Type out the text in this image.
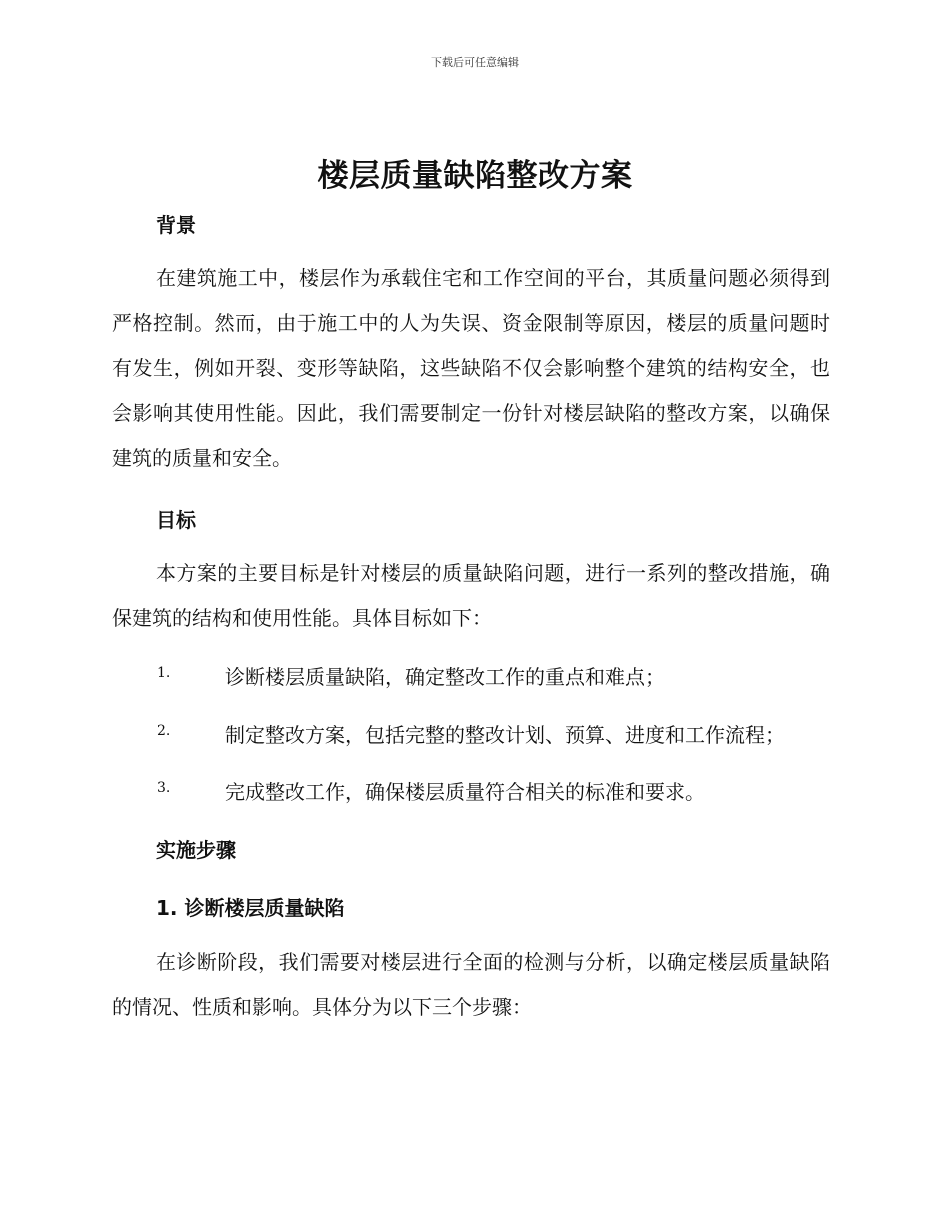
下载后可任意编辑
楼层质量缺陷整改方案
背景

在建筑施工中，楼层作为承载住宅和工作空间的平台，其质量问题必须得到严格控制。然而，由于施工中的人为失误、资金限制等原因，楼层的质量问题时有发生，例如开裂、变形等缺陷，这些缺陷不仅会影响整个建筑的结构安全，也会影响其使用性能。因此，我们需要制定一份针对楼层缺陷的整改方案，以确保建筑的质量和安全。

目标

本方案的主要目标是针对楼层的质量缺陷问题，进行一系列的整改措施，确保建筑的结构和使用性能。具体目标如下：

1.	诊断楼层质量缺陷，确定整改工作的重点和难点；
2.	制定整改方案，包括完整的整改计划、预算、进度和工作流程；
3.	完成整改工作，确保楼层质量符合相关的标准和要求。
实施步骤
1. 诊断楼层质量缺陷

在诊断阶段，我们需要对楼层进行全面的检测与分析，以确定楼层质量缺陷的情况、性质和影响。具体分为以下三个步骤：
